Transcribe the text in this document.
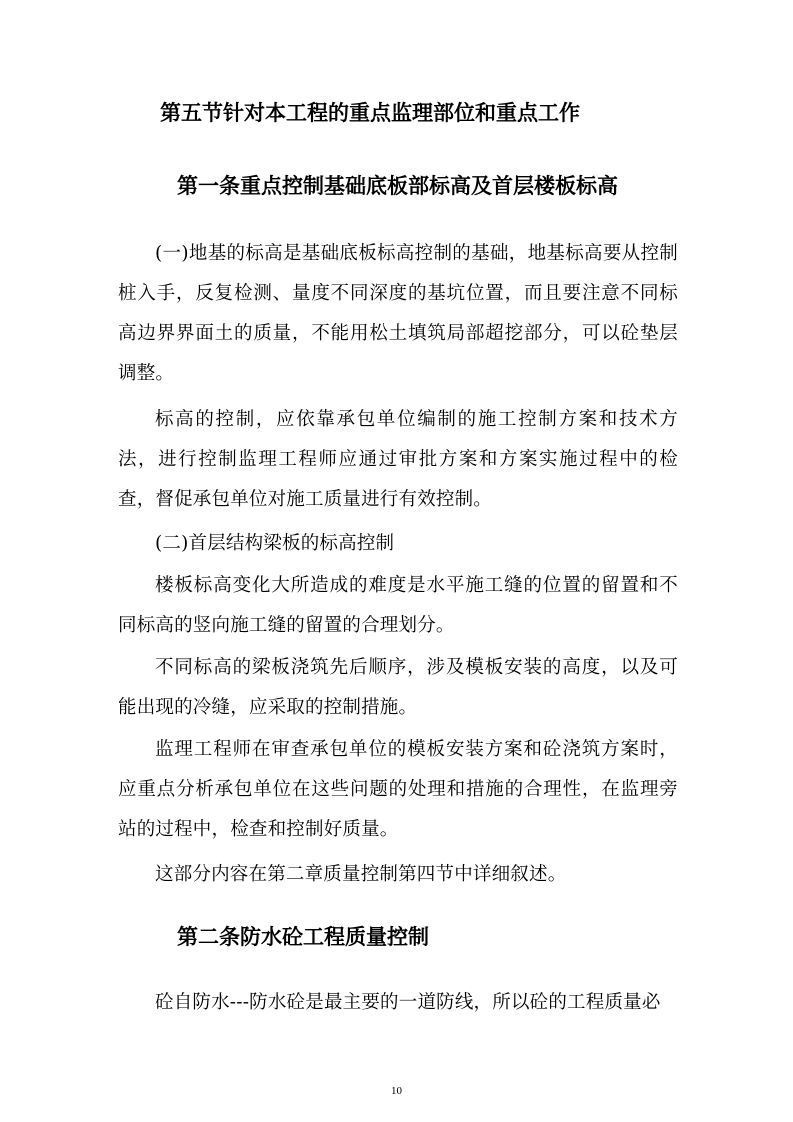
第五节针对本工程的重点监理部位和重点工作
第一条重点控制基础底板部标高及首层楼板标高

(一)地基的标高是基础底板标高控制的基础，地基标高要从控制桩入手，反复检测、量度不同深度的基坑位置，而且要注意不同标高边界界面土的质量，不能用松土填筑局部超挖部分，可以砼垫层调整。

标高的控制，应依靠承包单位编制的施工控制方案和技术方法，进行控制监理工程师应通过审批方案和方案实施过程中的检查，督促承包单位对施工质量进行有效控制。

(二)首层结构梁板的标高控制

楼板标高变化大所造成的难度是水平施工缝的位置的留置和不同标高的竖向施工缝的留置的合理划分。

不同标高的梁板浇筑先后顺序，涉及模板安装的高度，以及可能出现的冷缝，应采取的控制措施。

监理工程师在审查承包单位的模板安装方案和砼浇筑方案时，应重点分析承包单位在这些问题的处理和措施的合理性，在监理旁站的过程中，检查和控制好质量。

这部分内容在第二章质量控制第四节中详细叙述。

第二条防水砼工程质量控制

砼自防水---防水砼是最主要的一道防线，所以砼的工程质量必

10
